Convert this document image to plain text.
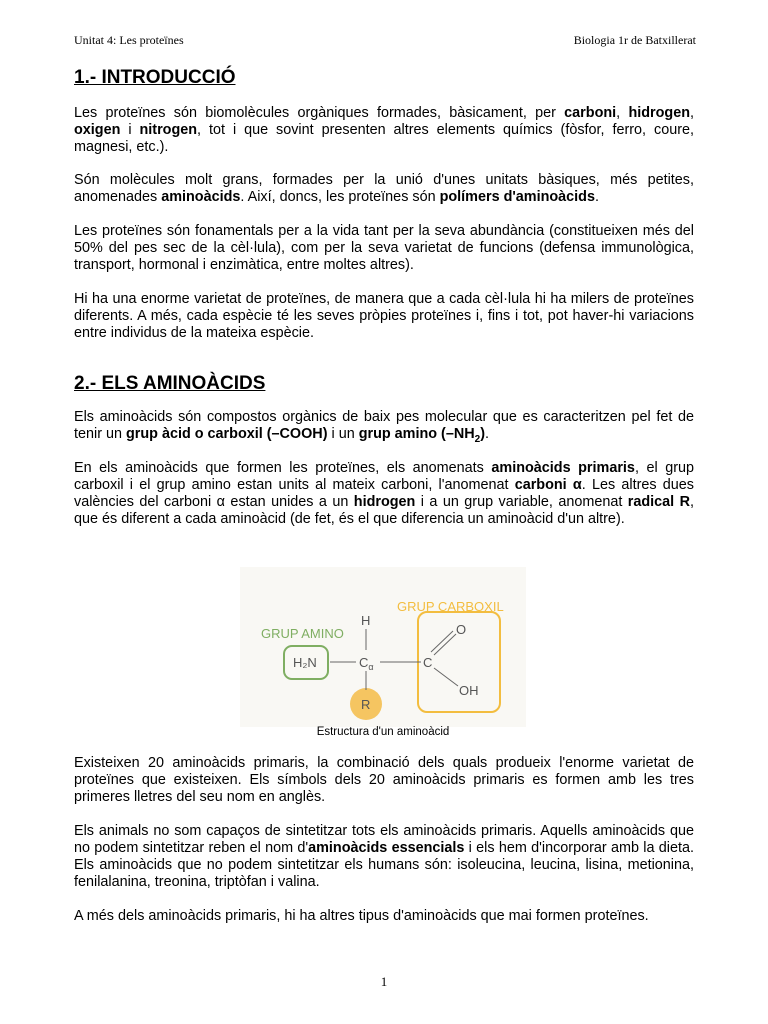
Unitat 4: Les proteïnes	Biologia 1r de Batxillerat
1.- INTRODUCCIÓ

Les proteïnes són biomolècules orgàniques formades, bàsicament, per carboni, hidrogen, oxigen i nitrogen, tot i que sovint presenten altres elements químics (fòsfor, ferro, coure, magnesi, etc.).

Són molècules molt grans, formades per la unió d'unes unitats bàsiques, més petites, anomenades aminoàcids. Així, doncs, les proteïnes són polímers d'aminoàcids.

Les proteïnes són fonamentals per a la vida tant per la seva abundància (constitueixen més del 50% del pes sec de la cèl·lula), com per la seva varietat de funcions (defensa immunològica, transport, hormonal i enzimàtica, entre moltes altres).

Hi ha una enorme varietat de proteïnes, de manera que a cada cèl·lula hi ha milers de proteïnes diferents. A més, cada espècie té les seves pròpies proteïnes i, fins i tot, pot haver-hi variacions entre individus de la mateixa espècie.

2.- ELS AMINOÀCIDS

Els aminoàcids són compostos orgànics de baix pes molecular que es caracteritzen pel fet de tenir un grup àcid o carboxil (–COOH) i un grup amino $(-NH_2)$.

En els aminoàcids que formen les proteïnes, els anomenats aminoàcids primaris, el grup carboxil i el grup amino estan units al mateix carboni, l'anomenat carboni α. Les altres dues valències del carboni α estan unides a un hidrogen i a un grup variable, anomenat radical R, que és diferent a cada aminoàcid (de fet, és el que diferencia un aminoàcid d'un altre).

GRUP CARBOXIL
GRUP AMINO
H
H₂N	$C_\alpha$	C
O
OH
R
Estructura d'un aminoàcid

Existeixen 20 aminoàcids primaris, la combinació dels quals produeix l'enorme varietat de proteïnes que existeixen. Els símbols dels 20 aminoàcids primaris es formen amb les tres primeres lletres del seu nom en anglès.

Els animals no som capaços de sintetitzar tots els aminoàcids primaris. Aquells aminoàcids que no podem sintetitzar reben el nom d'aminoàcids essencials i els hem d'incorporar amb la dieta. Els aminoàcids que no podem sintetitzar els humans són: isoleucina, leucina, lisina, metionina, fenilalanina, treonina, triptòfan i valina.

A més dels aminoàcids primaris, hi ha altres tipus d'aminoàcids que mai formen proteïnes.

1
